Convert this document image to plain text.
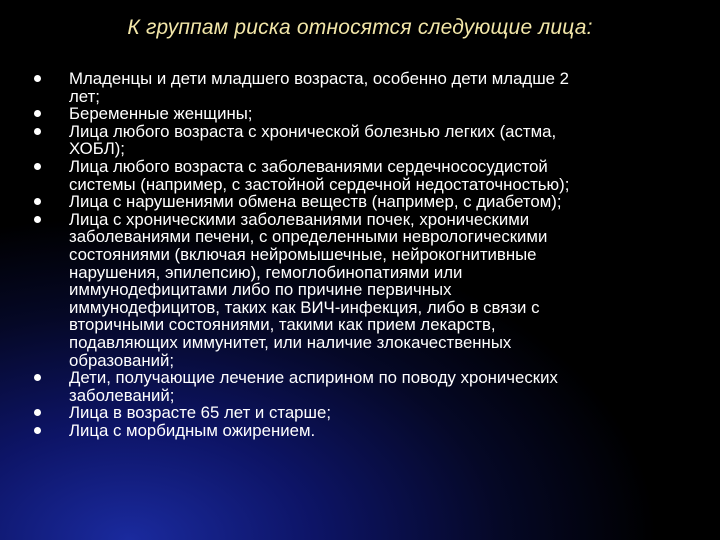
К группам риска относятся следующие лица:
Младенцы и дети младшего возраста, особенно дети младше 2
лет;
Беременные женщины;
Лица любого возраста с хронической болезнью легких (астма,
ХОБЛ);
Лица любого возраста с заболеваниями сердечнососудистой
системы (например, с застойной сердечной недостаточностью);
Лица с нарушениями обмена веществ (например, с диабетом);
Лица с хроническими заболеваниями почек, хроническими
заболеваниями печени, с определенными неврологическими
состояниями (включая нейромышечные, нейрокогнитивные
нарушения, эпилепсию), гемоглобинопатиями или
иммунодефицитами либо по причине первичных
иммунодефицитов, таких как ВИЧ-инфекция, либо в связи с
вторичными состояниями, такими как прием лекарств,
подавляющих иммунитет, или наличие злокачественных
образований;
Дети, получающие лечение аспирином по поводу хронических
заболеваний;
Лица в возрасте 65 лет и старше;
Лица с морбидным ожирением.
